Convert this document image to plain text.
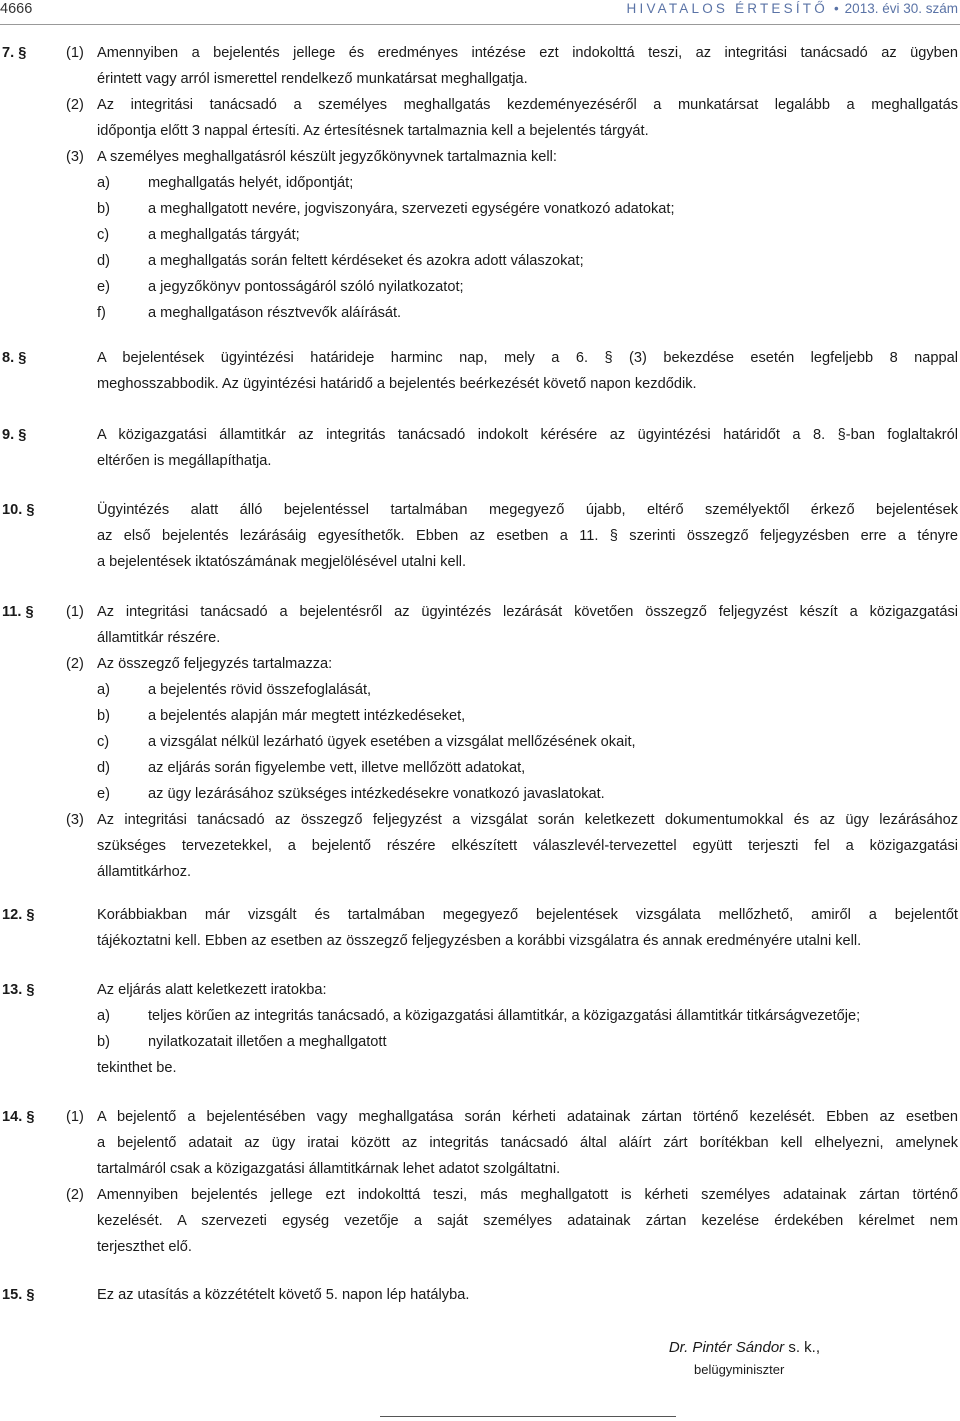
4666	HIVATALOS ÉRTESÍTŐ • 2013. évi 30. szám
7. §	(1) Amennyiben a bejelentés jellege és eredményes intézése ezt indokolttá teszi, az integritási tanácsadó az ügyben
érintett vagy arról ismerettel rendelkező munkatársat meghallgatja.
(2) Az integritási tanácsadó a személyes meghallgatás kezdeményezéséről a munkatársat legalább a meghallgatás
időpontja előtt 3 nappal értesíti. Az értesítésnek tartalmaznia kell a bejelentés tárgyát.
(3) A személyes meghallgatásról készült jegyzőkönyvnek tartalmaznia kell:
a)	meghallgatás helyét, időpontját;
b)	a meghallgatott nevére, jogviszonyára, szervezeti egységére vonatkozó adatokat;
c)	a meghallgatás tárgyát;
d)	a meghallgatás során feltett kérdéseket és azokra adott válaszokat;
e)	a jegyzőkönyv pontosságáról szóló nyilatkozatot;
f)	a meghallgatáson résztvevők aláírását.
8. §	A bejelentések ügyintézési határideje harminc nap, mely a 6. § (3) bekezdése esetén legfeljebb 8 nappal
meghosszabbodik. Az ügyintézési határidő a bejelentés beérkezését követő napon kezdődik.
9. §	A közigazgatási államtitkár az integritás tanácsadó indokolt kérésére az ügyintézési határidőt a 8. §-ban foglaltakról
eltérően is megállapíthatja.
10. §	Ügyintézés alatt álló bejelentéssel tartalmában megegyező újabb, eltérő személyektől érkező bejelentések
az első bejelentés lezárásáig egyesíthetők. Ebben az esetben a 11. § szerinti összegző feljegyzésben erre a tényre
a bejelentések iktatószámának megjelölésével utalni kell.
11. § (1) Az integritási tanácsadó a bejelentésről az ügyintézés lezárását követően összegző feljegyzést készít a közigazgatási
államtitkár részére.
(2) Az összegző feljegyzés tartalmazza:
a)	a bejelentés rövid összefoglalását,
b)	a bejelentés alapján már megtett intézkedéseket,
c)	a vizsgálat nélkül lezárható ügyek esetében a vizsgálat mellőzésének okait,
d)	az eljárás során figyelembe vett, illetve mellőzött adatokat,
e)	az ügy lezárásához szükséges intézkedésekre vonatkozó javaslatokat.
(3) Az integritási tanácsadó az összegző feljegyzést a vizsgálat során keletkezett dokumentumokkal és az ügy lezárásához
szükséges tervezetekkel, a bejelentő részére elkészített válaszlevél-tervezettel együtt terjeszti fel a közigazgatási
államtitkárhoz.
12. §	Korábbiakban már vizsgált és tartalmában megegyező bejelentések vizsgálata mellőzhető, amiről a bejelentőt
tájékoztatni kell. Ebben az esetben az összegző feljegyzésben a korábbi vizsgálatra és annak eredményére utalni kell.
13. §	Az eljárás alatt keletkezett iratokba:
a)	teljes körűen az integritás tanácsadó, a közigazgatási államtitkár, a közigazgatási államtitkár titkárságvezetője;
b)	nyilatkozatait illetően a meghallgatott
tekinthet be.
14. § (1) A bejelentő a bejelentésében vagy meghallgatása során kérheti adatainak zártan történő kezelését. Ebben az esetben
a bejelentő adatait az ügy iratai között az integritás tanácsadó által aláírt zárt borítékban kell elhelyezni, amelynek
tartalmáról csak a közigazgatási államtitkárnak lehet adatot szolgáltatni.
(2) Amennyiben bejelentés jellege ezt indokolttá teszi, más meghallgatott is kérheti személyes adatainak zártan történő
kezelését. A szervezeti egység vezetője a saját személyes adatainak zártan kezelése érdekében kérelmet nem
terjeszthet elő.
15. §	Ez az utasítás a közzétételt követő 5. napon lép hatályba.
Dr. Pintér Sándor s. k.,
belügyminiszter
